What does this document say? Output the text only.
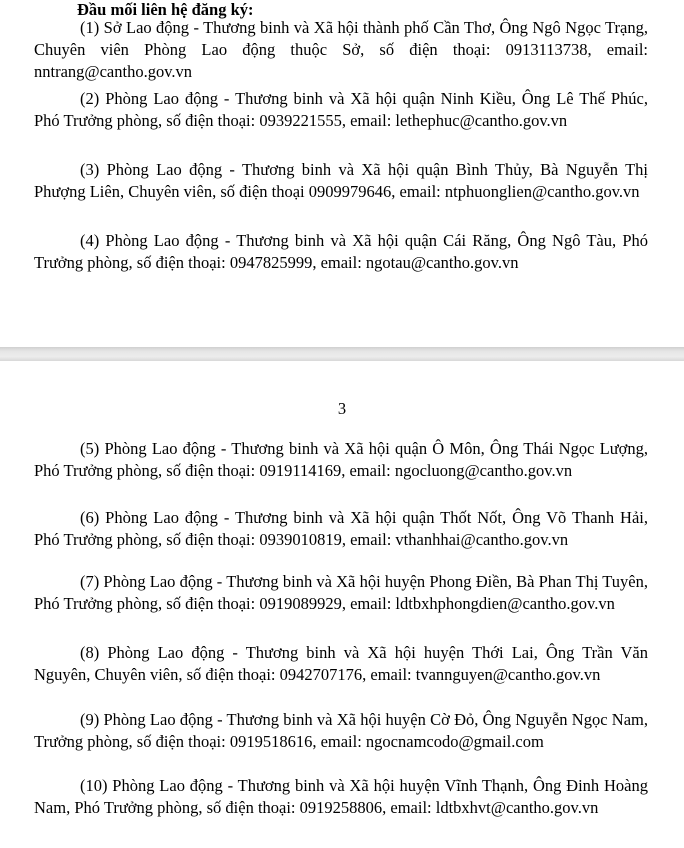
Đầu mối liên hệ đăng ký:

(1) Sở Lao động - Thương binh và Xã hội thành phố Cần Thơ, Ông Ngô Ngọc Trạng, Chuyên viên Phòng Lao động thuộc Sở, số điện thoại: 0913113738, email: nntrang@cantho.gov.vn

(2) Phòng Lao động - Thương binh và Xã hội quận Ninh Kiều, Ông Lê Thế Phúc, Phó Trưởng phòng, số điện thoại: 0939221555, email: lethephuc@cantho.gov.vn

(3) Phòng Lao động - Thương binh và Xã hội quận Bình Thủy, Bà Nguyễn Thị Phượng Liên, Chuyên viên, số điện thoại 0909979646, email: ntphuonglien@cantho.gov.vn

(4) Phòng Lao động - Thương binh và Xã hội quận Cái Răng, Ông Ngô Tàu, Phó Trưởng phòng, số điện thoại: 0947825999, email: ngotau@cantho.gov.vn

3

(5) Phòng Lao động - Thương binh và Xã hội quận Ô Môn, Ông Thái Ngọc Lượng, Phó Trưởng phòng, số điện thoại: 0919114169, email: ngocluong@cantho.gov.vn

(6) Phòng Lao động - Thương binh và Xã hội quận Thốt Nốt, Ông Võ Thanh Hải, Phó Trưởng phòng, số điện thoại: 0939010819, email: vthanhhai@cantho.gov.vn

(7) Phòng Lao động - Thương binh và Xã hội huyện Phong Điền, Bà Phan Thị Tuyên, Phó Trưởng phòng, số điện thoại: 0919089929, email: ldtbxhphongdien@cantho.gov.vn

(8) Phòng Lao động - Thương binh và Xã hội huyện Thới Lai, Ông Trần Văn Nguyên, Chuyên viên, số điện thoại: 0942707176, email: tvannguyen@cantho.gov.vn

(9) Phòng Lao động - Thương binh và Xã hội huyện Cờ Đỏ, Ông Nguyễn Ngọc Nam, Trưởng phòng, số điện thoại: 0919518616, email: ngocnamcodo@gmail.com

(10) Phòng Lao động - Thương binh và Xã hội huyện Vĩnh Thạnh, Ông Đinh Hoàng Nam, Phó Trưởng phòng, số điện thoại: 0919258806, email: ldtbxhvt@cantho.gov.vn
